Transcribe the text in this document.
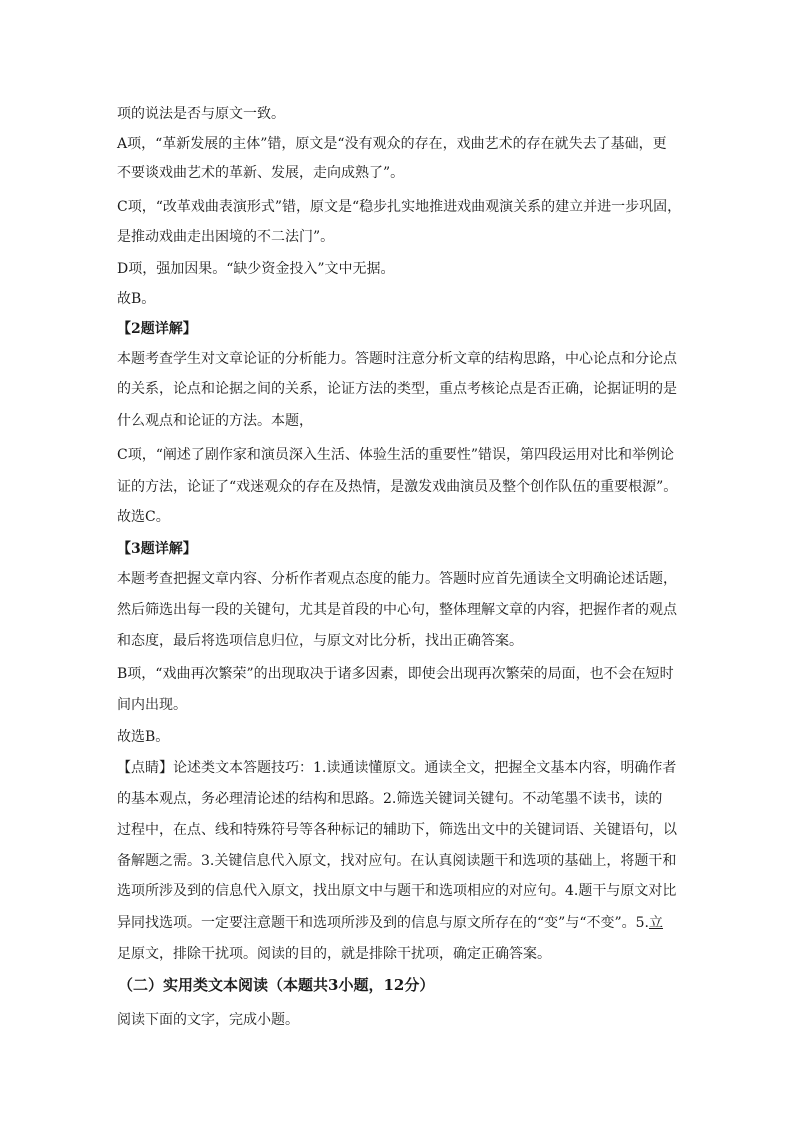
项的说法是否与原文一致。
A项，“革新发展的主体”错，原文是“没有观众的存在，戏曲艺术的存在就失去了基础，更
不要谈戏曲艺术的革新、发展，走向成熟了”。
C项，“改革戏曲表演形式”错，原文是“稳步扎实地推进戏曲观演关系的建立并进一步巩固，
是推动戏曲走出困境的不二法门”。
D项，强加因果。“缺少资金投入”文中无据。
故B。
【2题详解】
本题考查学生对文章论证的分析能力。答题时注意分析文章的结构思路，中心论点和分论点
的关系，论点和论据之间的关系，论证方法的类型，重点考核论点是否正确，论据证明的是
什么观点和论证的方法。本题，
C项，“阐述了剧作家和演员深入生活、体验生活的重要性”错误，第四段运用对比和举例论
证的方法，论证了“戏迷观众的存在及热情，是激发戏曲演员及整个创作队伍的重要根源”。
故选C。
【3题详解】
本题考查把握文章内容、分析作者观点态度的能力。答题时应首先通读全文明确论述话题，
然后筛选出每一段的关键句，尤其是首段的中心句，整体理解文章的内容，把握作者的观点
和态度，最后将选项信息归位，与原文对比分析，找出正确答案。
B项，“戏曲再次繁荣”的出现取决于诸多因素，即使会出现再次繁荣的局面，也不会在短时
间内出现。
故选B。
【点睛】论述类文本答题技巧：1.读通读懂原文。通读全文，把握全文基本内容，明确作者
的基本观点，务必理清论述的结构和思路。2.筛选关键词关键句。不动笔墨不读书，读的
过程中，在点、线和特殊符号等各种标记的辅助下，筛选出文中的关键词语、关键语句，以
备解题之需。3.关键信息代入原文，找对应句。在认真阅读题干和选项的基础上，将题干和
选项所涉及到的信息代入原文，找出原文中与题干和选项相应的对应句。4.题干与原文对比
异同找选项。一定要注意题干和选项所涉及到的信息与原文所存在的“变”与“不变”。5.立
足原文，排除干扰项。阅读的目的，就是排除干扰项，确定正确答案。
（二）实用类文本阅读（本题共3小题，12分）
阅读下面的文字，完成小题。
